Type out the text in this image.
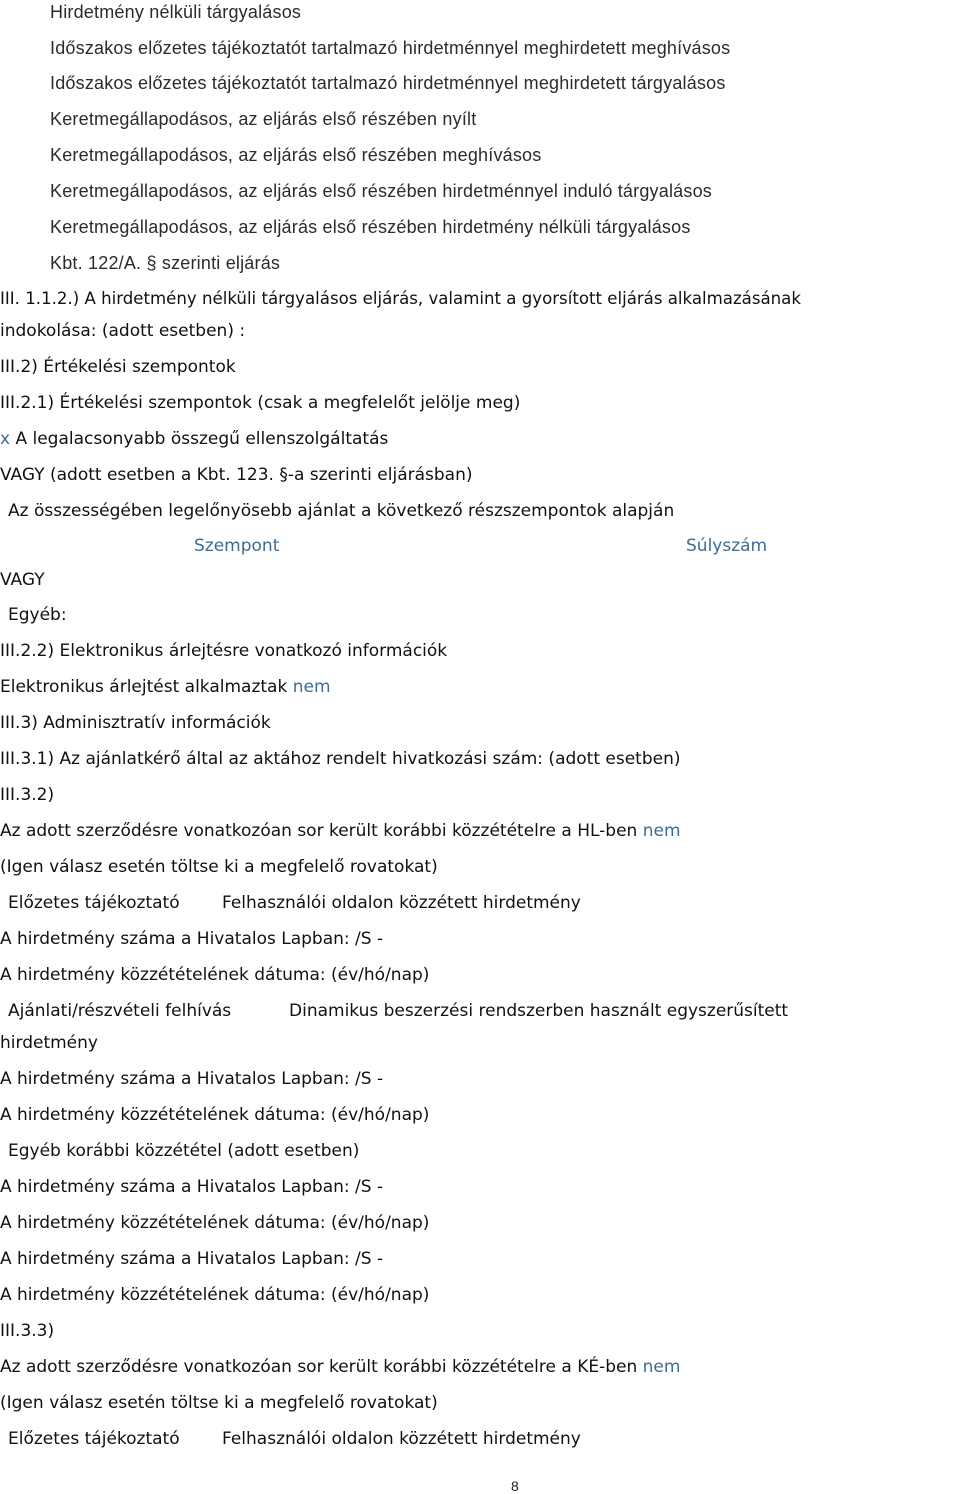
Hirdetmény nélküli tárgyalásos
Időszakos előzetes tájékoztatót tartalmazó hirdetménnyel meghirdetett meghívásos
Időszakos előzetes tájékoztatót tartalmazó hirdetménnyel meghirdetett tárgyalásos
Keretmegállapodásos, az eljárás első részében nyílt
Keretmegállapodásos, az eljárás első részében meghívásos
Keretmegállapodásos, az eljárás első részében hirdetménnyel induló tárgyalásos
Keretmegállapodásos, az eljárás első részében hirdetmény nélküli tárgyalásos
Kbt. 122/A. § szerinti eljárás
III. 1.1.2.) A hirdetmény nélküli tárgyalásos eljárás, valamint a gyorsított eljárás alkalmazásának
indokolása: (adott esetben) :
III.2) Értékelési szempontok
III.2.1) Értékelési szempontok (csak a megfelelőt jelölje meg)
x A legalacsonyabb összegű ellenszolgáltatás
VAGY (adott esetben a Kbt. 123. §-a szerinti eljárásban)
Az összességében legelőnyösebb ajánlat a következő részszempontok alapján
Szempont	Súlyszám
VAGY
Egyéb:
III.2.2) Elektronikus árlejtésre vonatkozó információk
Elektronikus árlejtést alkalmaztak nem
III.3) Adminisztratív információk
III.3.1) Az ajánlatkérő által az aktához rendelt hivatkozási szám: (adott esetben)
III.3.2)
Az adott szerződésre vonatkozóan sor került korábbi közzétételre a HL-ben nem
(Igen válasz esetén töltse ki a megfelelő rovatokat)
Előzetes tájékoztató Felhasználói oldalon közzétett hirdetmény
A hirdetmény száma a Hivatalos Lapban: /S -
A hirdetmény közzétételének dátuma: (év/hó/nap)
Ajánlati/részvételi felhívás	Dinamikus beszerzési rendszerben használt egyszerűsített
hirdetmény
A hirdetmény száma a Hivatalos Lapban: /S -
A hirdetmény közzétételének dátuma: (év/hó/nap)
Egyéb korábbi közzététel (adott esetben)
A hirdetmény száma a Hivatalos Lapban: /S -
A hirdetmény közzétételének dátuma: (év/hó/nap)
A hirdetmény száma a Hivatalos Lapban: /S -
A hirdetmény közzétételének dátuma: (év/hó/nap)
III.3.3)
Az adott szerződésre vonatkozóan sor került korábbi közzétételre a KÉ-ben nem
(Igen válasz esetén töltse ki a megfelelő rovatokat)
Előzetes tájékoztató Felhasználói oldalon közzétett hirdetmény
8
